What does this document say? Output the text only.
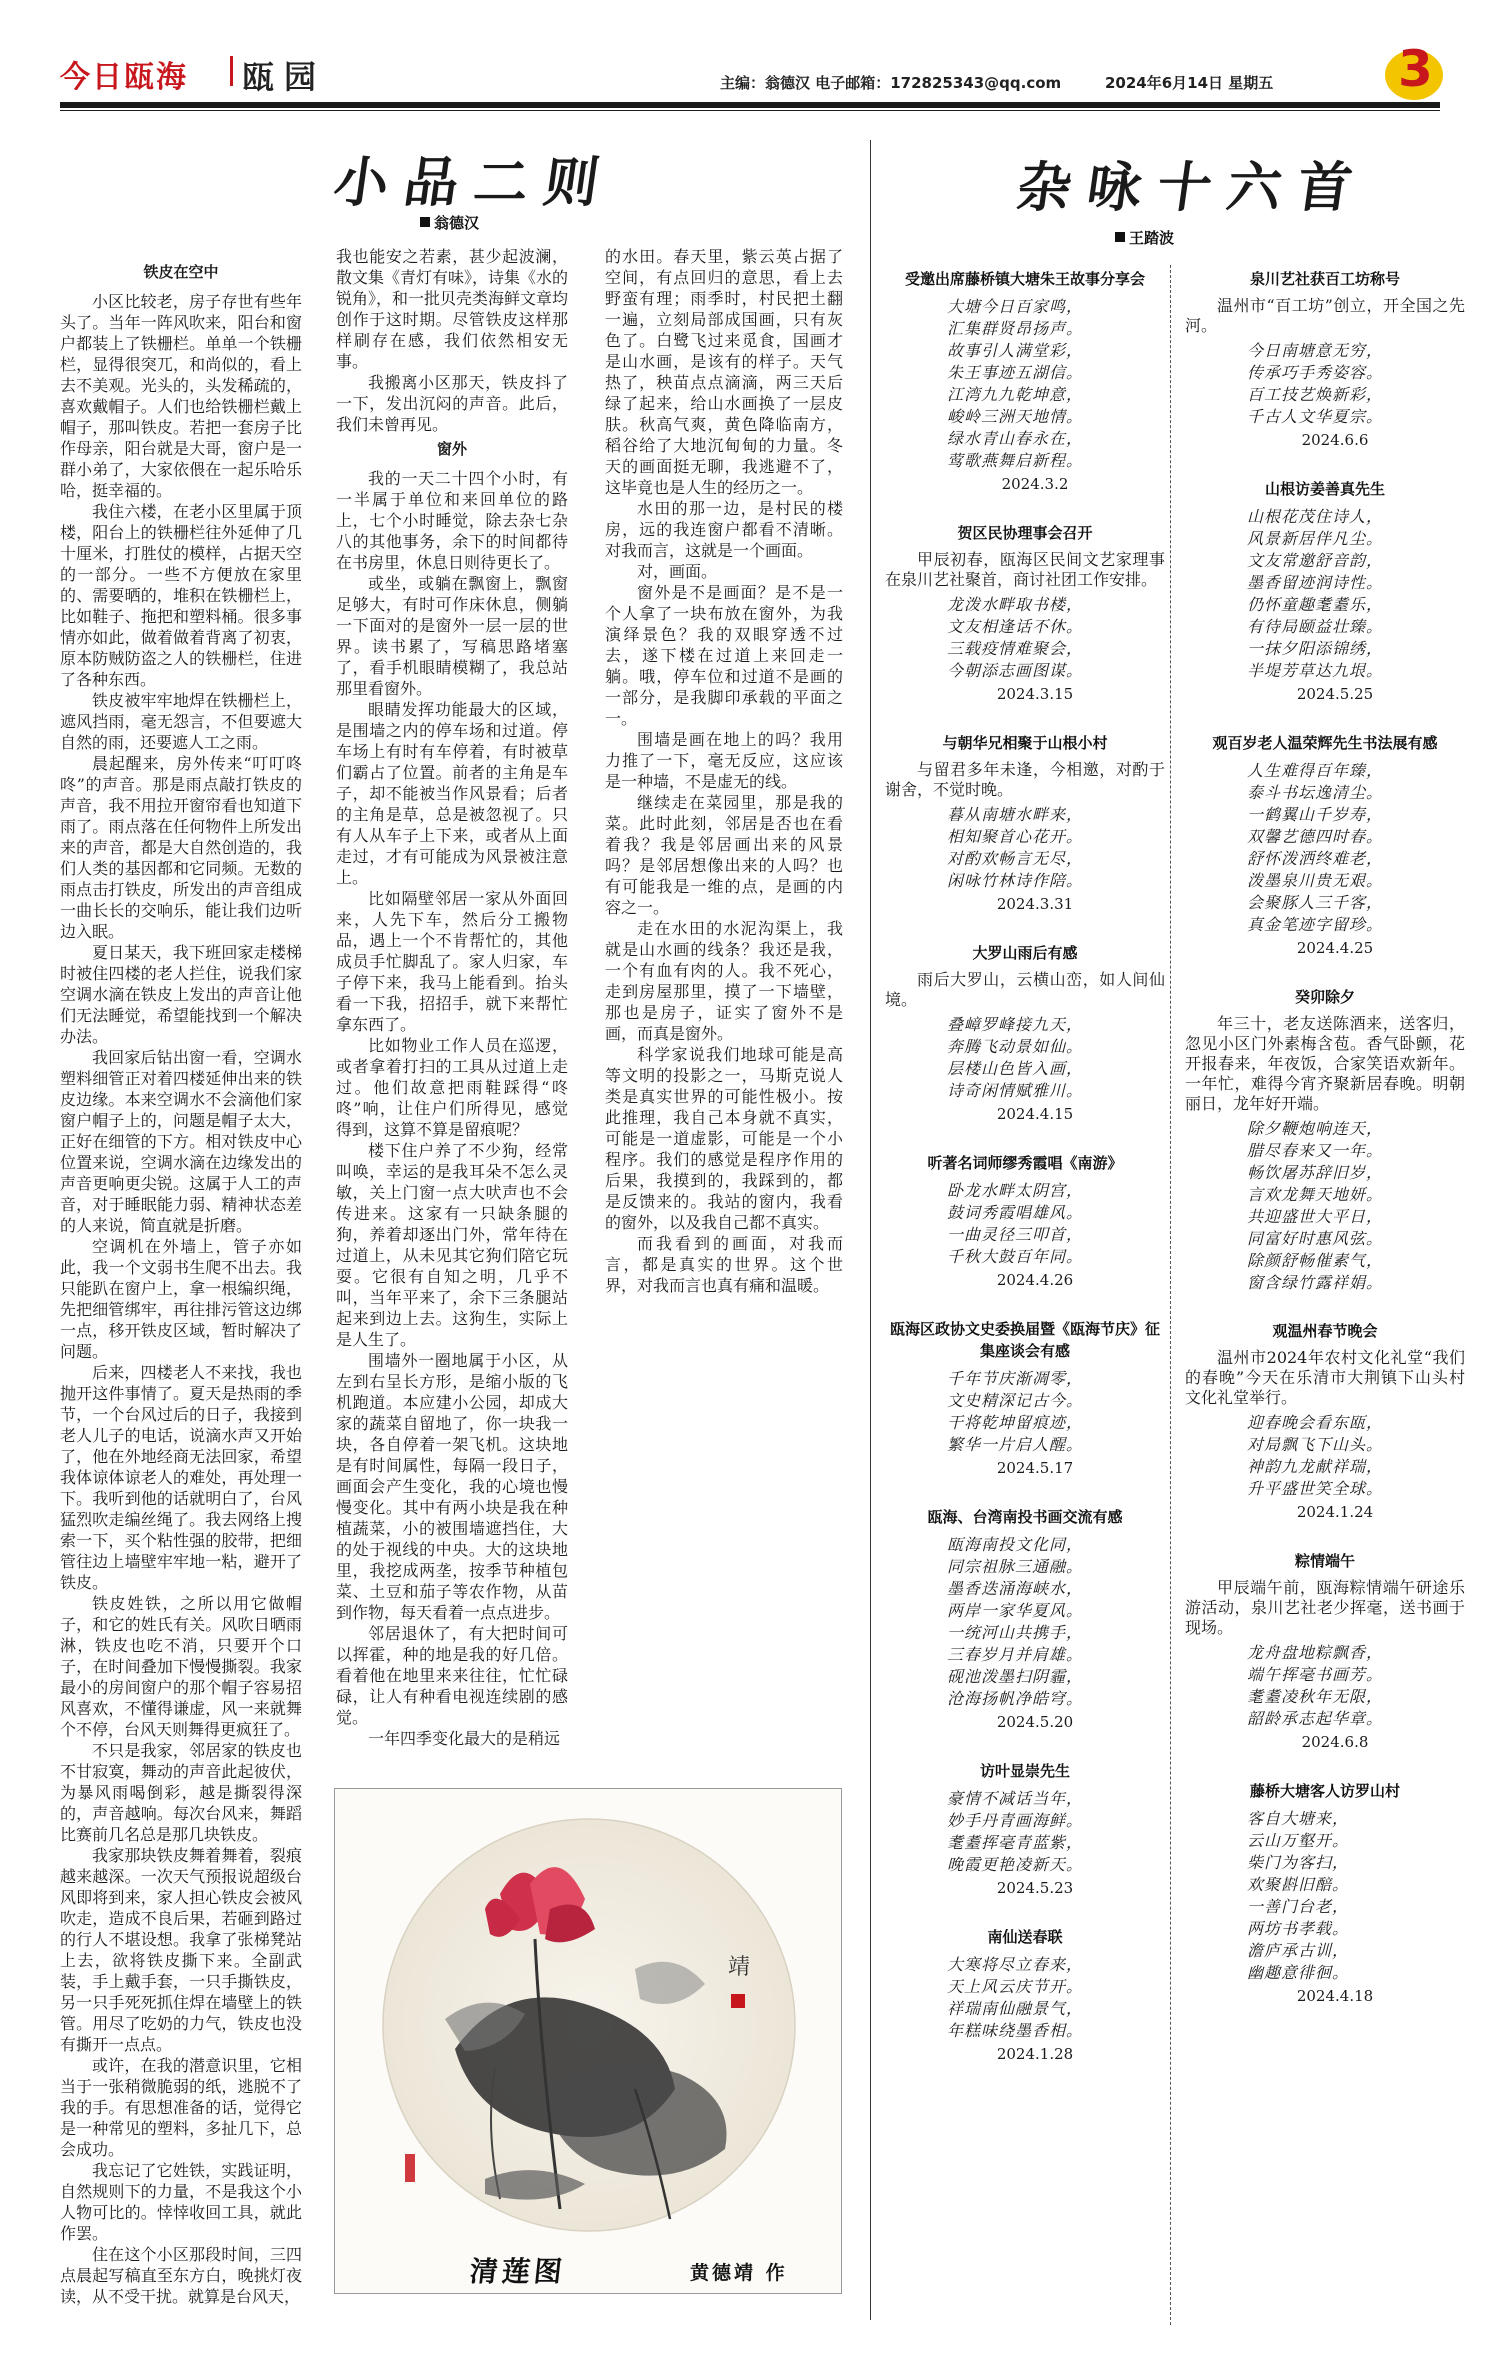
今日瓯海 瓯园	主编：翁德汉 电子邮箱：172825343@qq.com	2024年6月14日 星期五 3
小品二则
翁德汉
铁皮在空中

小区比较老，房子存世有些年头了。当年一阵风吹来，阳台和窗户都装上了铁栅栏。单单一个铁栅栏，显得很突兀，和尚似的，看上去不美观。光头的，头发稀疏的，喜欢戴帽子。人们也给铁栅栏戴上帽子，那叫铁皮。若把一套房子比作母亲，阳台就是大哥，窗户是一群小弟了，大家依偎在一起乐哈乐哈，挺幸福的。

我住六楼，在老小区里属于顶楼，阳台上的铁栅栏往外延伸了几十厘米，打胜仗的模样，占据天空的一部分。一些不方便放在家里的、需要晒的，堆积在铁栅栏上，比如鞋子、拖把和塑料桶。很多事情亦如此，做着做着背离了初衷，原本防贼防盗之人的铁栅栏，住进了各种东西。

铁皮被牢牢地焊在铁栅栏上，遮风挡雨，毫无怨言，不但要遮大自然的雨，还要遮人工之雨。

晨起醒来，房外传来“叮叮咚咚”的声音。那是雨点敲打铁皮的声音，我不用拉开窗帘看也知道下雨了。雨点落在任何物件上所发出来的声音，都是大自然创造的，我们人类的基因都和它同频。无数的雨点击打铁皮，所发出的声音组成一曲长长的交响乐，能让我们边听边入眠。

夏日某天，我下班回家走楼梯时被住四楼的老人拦住，说我们家空调水滴在铁皮上发出的声音让他们无法睡觉，希望能找到一个解决办法。

我回家后钻出窗一看，空调水塑料细管正对着四楼延伸出来的铁皮边缘。本来空调水不会滴他们家窗户帽子上的，问题是帽子太大，正好在细管的下方。相对铁皮中心位置来说，空调水滴在边缘发出的声音更响更尖锐。这属于人工的声音，对于睡眠能力弱、精神状态差的人来说，简直就是折磨。

空调机在外墙上，管子亦如此，我一个文弱书生爬不出去。我只能趴在窗户上，拿一根编织绳，先把细管绑牢，再往排污管这边绑一点，移开铁皮区域，暂时解决了问题。

后来，四楼老人不来找，我也抛开这件事情了。夏天是热雨的季节，一个台风过后的日子，我接到老人儿子的电话，说滴水声又开始了，他在外地经商无法回家，希望我体谅体谅老人的难处，再处理一下。我听到他的话就明白了，台风猛烈吹走编丝绳了。我去网络上搜索一下，买个粘性强的胶带，把细管往边上墙壁牢牢地一粘，避开了铁皮。

铁皮姓铁，之所以用它做帽子，和它的姓氏有关。风吹日晒雨淋，铁皮也吃不消，只要开个口子，在时间叠加下慢慢撕裂。我家最小的房间窗户的那个帽子容易招风喜欢，不懂得谦虚，风一来就舞个不停，台风天则舞得更疯狂了。

不只是我家，邻居家的铁皮也不甘寂寞，舞动的声音此起彼伏，为暴风雨喝倒彩，越是撕裂得深的，声音越响。每次台风来，舞蹈比赛前几名总是那几块铁皮。

我家那块铁皮舞着舞着，裂痕越来越深。一次天气预报说超级台风即将到来，家人担心铁皮会被风吹走，造成不良后果，若砸到路过的行人不堪设想。我拿了张梯凳站上去，欲将铁皮撕下来。全副武装，手上戴手套，一只手撕铁皮，另一只手死死抓住焊在墙壁上的铁管。用尽了吃奶的力气，铁皮也没有撕开一点点。

或许，在我的潜意识里，它相当于一张稍微脆弱的纸，逃脱不了我的手。有思想准备的话，觉得它是一种常见的塑料，多扯几下，总会成功。

我忘记了它姓铁，实践证明，自然规则下的力量，不是我这个小人物可比的。悻悻收回工具，就此作罢。

住在这个小区那段时间，三四点晨起写稿直至东方白，晚挑灯夜读，从不受干扰。就算是台风天，

我也能安之若素，甚少起波澜，散文集《青灯有味》，诗集《水的锐角》，和一批贝壳类海鲜文章均创作于这时期。尽管铁皮这样那样刷存在感，我们依然相安无事。

我搬离小区那天，铁皮抖了一下，发出沉闷的声音。此后，我们未曾再见。

窗外

我的一天二十四个小时，有一半属于单位和来回单位的路上，七个小时睡觉，除去杂七杂八的其他事务，余下的时间都待在书房里，休息日则待更长了。

或坐，或躺在飘窗上，飘窗足够大，有时可作床休息，侧躺一下面对的是窗外一层一层的世界。读书累了，写稿思路堵塞了，看手机眼睛模糊了，我总站那里看窗外。

眼睛发挥功能最大的区域，是围墙之内的停车场和过道。停车场上有时有车停着，有时被草们霸占了位置。前者的主角是车子，却不能被当作风景看；后者的主角是草，总是被忽视了。只有人从车子上下来，或者从上面走过，才有可能成为风景被注意上。

比如隔壁邻居一家从外面回来，人先下车，然后分工搬物品，遇上一个不肯帮忙的，其他成员手忙脚乱了。家人归家，车子停下来，我马上能看到。抬头看一下我，招招手，就下来帮忙拿东西了。

比如物业工作人员在巡逻，或者拿着打扫的工具从过道上走过。他们故意把雨鞋踩得“咚咚”响，让住户们所得见，感觉得到，这算不算是留痕呢？

楼下住户养了不少狗，经常叫唤，幸运的是我耳朵不怎么灵敏，关上门窗一点大吠声也不会传进来。这家有一只缺条腿的狗，养着却逐出门外，常年待在过道上，从未见其它狗们陪它玩耍。它很有自知之明，几乎不叫，当年平来了，余下三条腿站起来到边上去。这狗生，实际上是人生了。

围墙外一圈地属于小区，从左到右呈长方形，是缩小版的飞机跑道。本应建小公园，却成大家的蔬菜自留地了，你一块我一块，各自停着一架飞机。这块地是有时间属性，每隔一段日子，画面会产生变化，我的心境也慢慢变化。其中有两小块是我在种植蔬菜，小的被围墙遮挡住，大的处于视线的中央。大的这块地里，我挖成两垄，按季节种植包菜、土豆和茄子等农作物，从苗到作物，每天看着一点点进步。

邻居退休了，有大把时间可以挥霍，种的地是我的好几倍。看着他在地里来来往往，忙忙碌碌，让人有种看电视连续剧的感觉。

一年四季变化最大的是稍远

的水田。春天里，紫云英占据了空间，有点回归的意思，看上去野蛮有理；雨季时，村民把土翻一遍，立刻局部成国画，只有灰色了。白鹭飞过来觅食，国画才是山水画，是该有的样子。天气热了，秧苗点点滴滴，两三天后绿了起来，给山水画换了一层皮肤。秋高气爽，黄色降临南方，稻谷给了大地沉甸甸的力量。冬天的画面挺无聊，我逃避不了，这毕竟也是人生的经历之一。

水田的那一边，是村民的楼房，远的我连窗户都看不清晰。对我而言，这就是一个画面。

对，画面。

窗外是不是画面？是不是一个人拿了一块布放在窗外，为我演绎景色？我的双眼穿透不过去，遂下楼在过道上来回走一躺。哦，停车位和过道不是画的一部分，是我脚印承载的平面之一。

围墙是画在地上的吗？我用力推了一下，毫无反应，这应该是一种墙，不是虚无的线。

继续走在菜园里，那是我的菜。此时此刻，邻居是否也在看着我？我是邻居画出来的风景吗？是邻居想像出来的人吗？也有可能我是一维的点，是画的内容之一。

走在水田的水泥沟渠上，我就是山水画的线条？我还是我，一个有血有肉的人。我不死心，走到房屋那里，摸了一下墙壁，那也是房子，证实了窗外不是画，而真是窗外。

科学家说我们地球可能是高等文明的投影之一，马斯克说人类是真实世界的可能性极小。按此推理，我自己本身就不真实，可能是一道虚影，可能是一个小程序。我们的感觉是程序作用的后果，我摸到的，我踩到的，都是反馈来的。我站的窗内，我看的窗外，以及我自己都不真实。

而我看到的画面，对我而言，都是真实的世界。这个世界，对我而言也真有痛和温暖。

靖
清莲图	黄德靖 作
杂咏十六首
王踏波
受邀出席藤桥镇大塘朱王故事分享会
大塘今日百家鸣，
汇集群贤昂扬声。
故事引人满堂彩，
朱王事迹五湖信。
江湾九九乾坤意，
峻岭三洲天地情。
绿水青山春永在，
莺歌燕舞启新程。
2024.3.2
贺区民协理事会召开
甲辰初春，瓯海区民间文艺家理事在泉川艺社聚首，商讨社团工作安排。
龙泼水畔取书楼，
文友相逢话不休。
三载疫情难聚会，
今朝添志画图谋。
2024.3.15
与朝华兄相聚于山根小村
与留君多年未逢，今相邀，对酌于谢舍，不觉时晚。
暮从南塘水畔来，
相知聚首心花开。
对酌欢畅言无尽，
闲咏竹林诗作陪。
2024.3.31
大罗山雨后有感
雨后大罗山，云横山峦，如人间仙境。
叠嶂罗峰接九天，
奔腾飞动景如仙。
层楼山色皆入画，
诗奇闲情赋雅川。
2024.4.15
听著名词师缪秀霞唱《南游》
卧龙水畔太阴宫，
鼓词秀霞唱雄风。
一曲灵径三叩首，
千秋大鼓百年同。
2024.4.26
瓯海区政协文史委换届暨《瓯海节庆》征集座谈会有感
千年节庆渐凋零，
文史精深记古今。
干将乾坤留痕迹，
繁华一片启人醒。
2024.5.17
瓯海、台湾南投书画交流有感
瓯海南投文化同，
同宗祖脉三通融。
墨香迭涌海峡水，
两岸一家华夏风。
一统河山共携手，
三春岁月并肩雄。
砚池泼墨扫阴霾，
沧海扬帆净皓穹。
2024.5.20
访叶显崇先生
豪情不减话当年，
妙手丹青画海鲜。
耄耋挥毫青蓝紫，
晚霞更艳凌新天。
2024.5.23
南仙送春联
大寒将尽立春来，
天上风云庆节开。
祥瑞南仙融景气，
年糕味绕墨香相。
2024.1.28
泉川艺社获百工坊称号
温州市“百工坊”创立，开全国之先河。
今日南塘意无穷，
传承巧手秀姿容。
百工技艺焕新彩，
千古人文华夏宗。
2024.6.6
山根访姜善真先生
山根花茂住诗人，
风景新居伴凡尘。
文友常邀舒音韵，
墨香留迹润诗性。
仍怀童趣耄耋乐，
有待局颐益壮臻。
一抹夕阳添锦绣，
半堤芳草达九垠。
2024.5.25
观百岁老人温荣辉先生书法展有感
人生难得百年臻，
泰斗书坛逸清尘。
一鹤翼山千岁寿，
双馨艺德四时春。
舒怀泼洒终难老，
泼墨泉川贵无艰。
会聚豚人三千客，
真金笔迹字留珍。
2024.4.25
癸卯除夕
年三十，老友送陈酒来，送客归，忽见小区门外素梅含苞。香气卧颤，花开报春来，年夜饭，合家笑语欢新年。一年忙，难得今宵齐聚新居春晚。明朝丽日，龙年好开端。
除夕鞭炮响连天，
腊尽春来又一年。
畅饮屠苏辞旧岁，
言欢龙舞天地妍。
共迎盛世大平日，
同富好时惠风弦。
除颜舒畅催素气，
窗含绿竹露祥娟。
观温州春节晚会
温州市2024年农村文化礼堂“我们的春晚”今天在乐清市大荆镇下山头村文化礼堂举行。
迎春晚会看东瓯，
对局飘飞下山头。
神韵九龙献祥瑞，
升平盛世笑全球。
2024.1.24
粽情端午
甲辰端午前，瓯海粽情端午研途乐游活动，泉川艺社老少挥毫，送书画于现场。
龙舟盘地粽飘香，
端午挥毫书画芳。
耄耋凌秋年无限，
韶龄承志起华章。
2024.6.8
藤桥大塘客人访罗山村
客自大塘来，
云山万壑开。
柴门为客扫，
欢聚斟旧醅。
一善门台老，
两坊书孝载。
澹庐承古训，
幽趣意徘徊。
2024.4.18
